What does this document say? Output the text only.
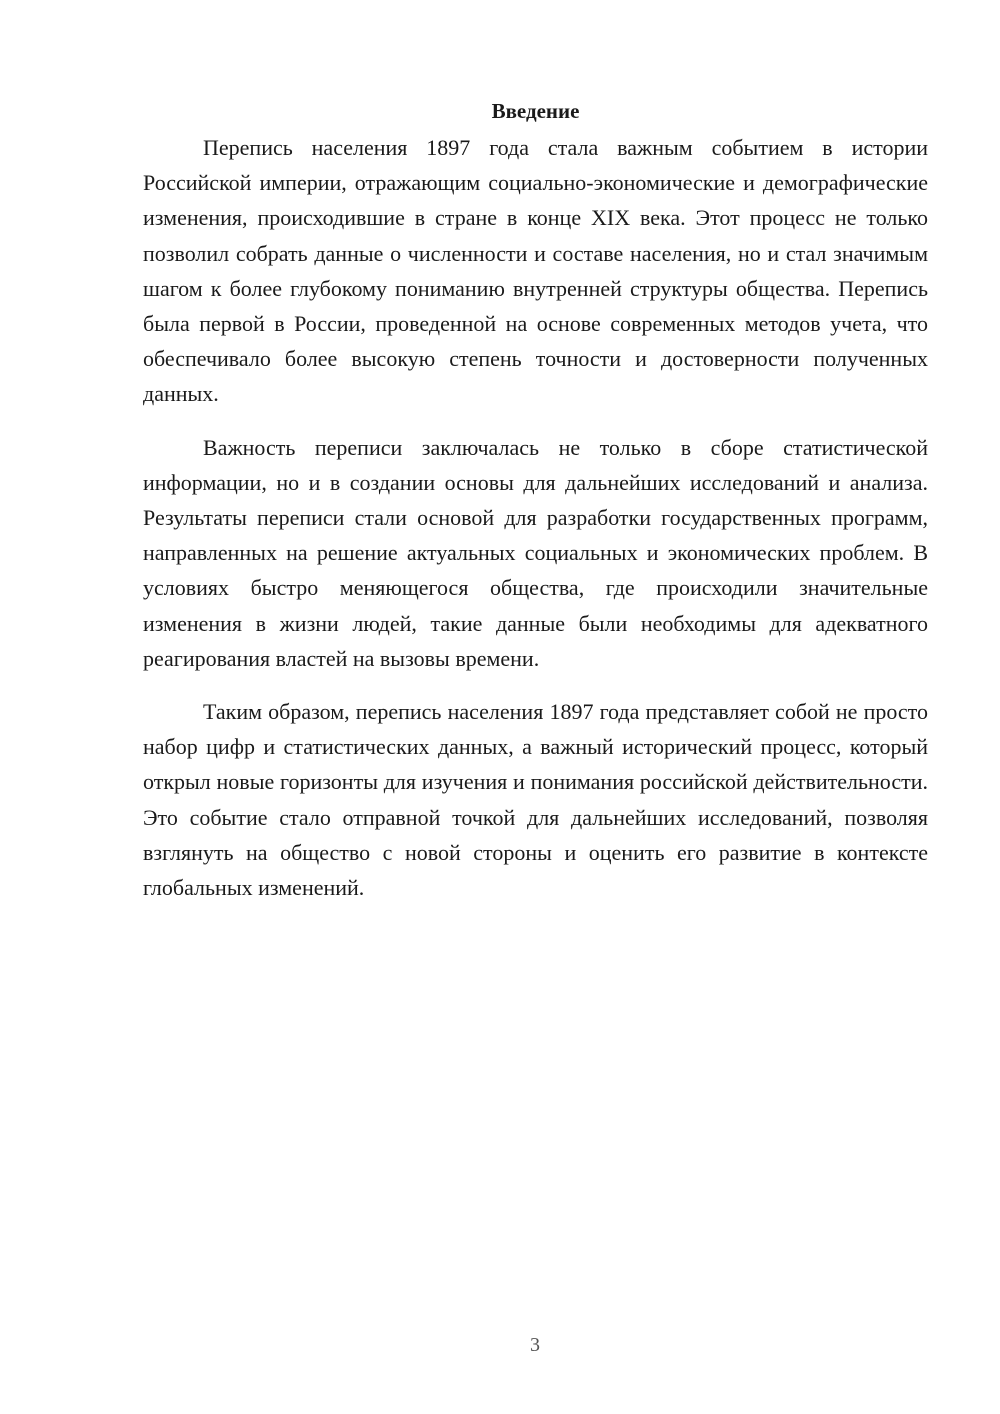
Введение

Перепись населения 1897 года стала важным событием в истории Российской империи, отражающим социально-экономические и демографические изменения, происходившие в стране в конце XIX века. Этот процесс не только позволил собрать данные о численности и составе населения, но и стал значимым шагом к более глубокому пониманию внутренней структуры общества. Перепись была первой в России, проведенной на основе современных методов учета, что обеспечивало более высокую степень точности и достоверности полученных данных.

Важность переписи заключалась не только в сборе статистической информации, но и в создании основы для дальнейших исследований и анализа. Результаты переписи стали основой для разработки государственных программ, направленных на решение актуальных социальных и экономических проблем. В условиях быстро меняющегося общества, где происходили значительные изменения в жизни людей, такие данные были необходимы для адекватного реагирования властей на вызовы времени.

Таким образом, перепись населения 1897 года представляет собой не просто набор цифр и статистических данных, а важный исторический процесс, который открыл новые горизонты для изучения и понимания российской действительности. Это событие стало отправной точкой для дальнейших исследований, позволяя взглянуть на общество с новой стороны и оценить его развитие в контексте глобальных изменений.

3
